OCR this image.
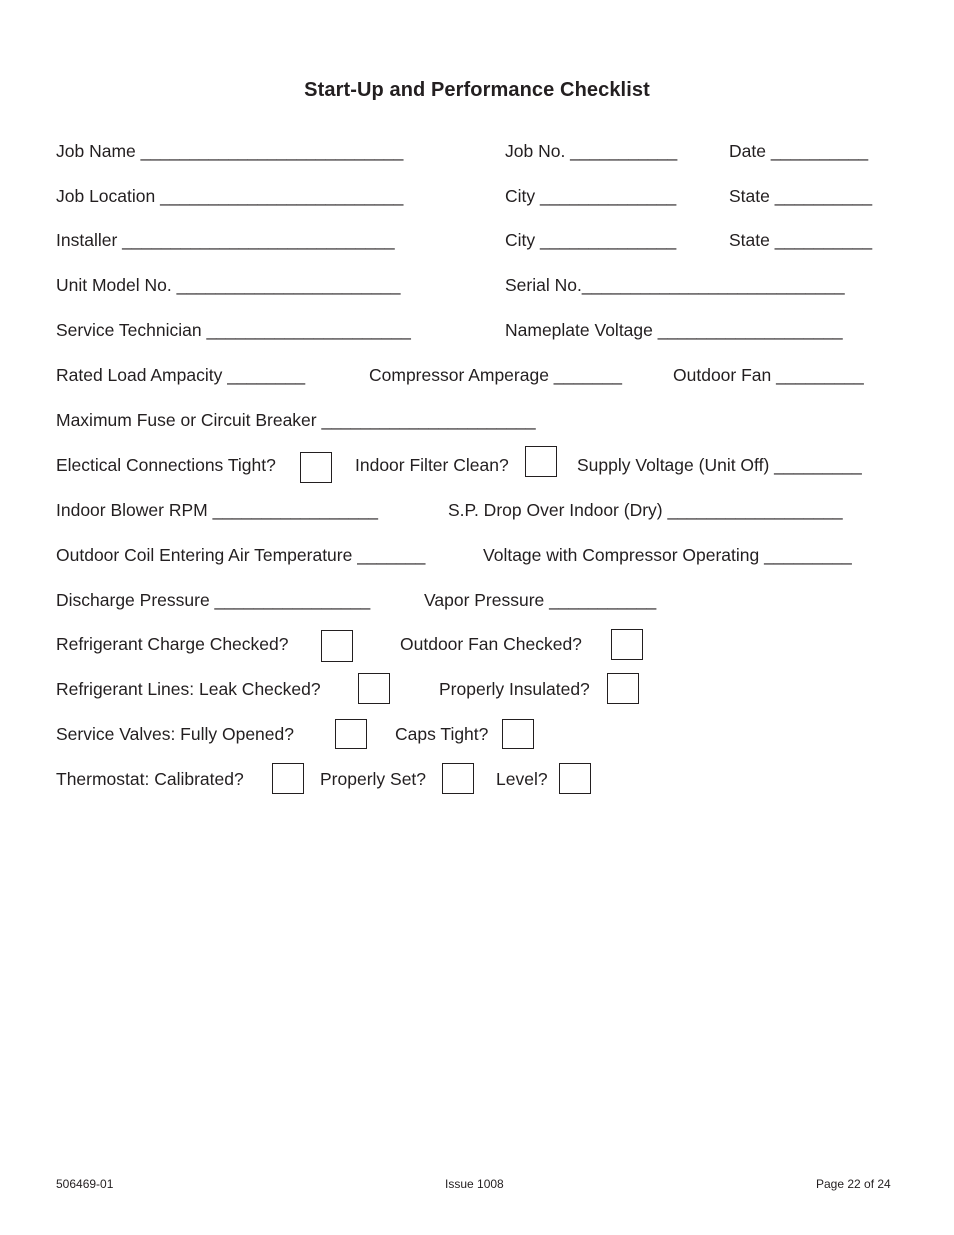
Start-Up and Performance Checklist
Job Name ___________________________	Job No. ___________	Date __________
Job Location _________________________	City ______________	State __________
Installer ____________________________	City ______________	State __________
Unit Model No. _______________________	Serial No.___________________________
Service Technician _____________________	Nameplate Voltage ___________________
Rated Load Ampacity ________	Compressor Amperage _______	Outdoor Fan _________
Maximum Fuse or Circuit Breaker ______________________
Electical Connections Tight?	Indoor Filter Clean?	Supply Voltage (Unit Off) _________
Indoor Blower RPM _________________	S.P. Drop Over Indoor (Dry) __________________
Outdoor Coil Entering Air Temperature _______	Voltage with Compressor Operating _________
Discharge Pressure ________________	Vapor Pressure ___________
Refrigerant Charge Checked?	Outdoor Fan Checked?
Refrigerant Lines: Leak Checked?	Properly Insulated?
Service Valves: Fully Opened?	Caps Tight?
Thermostat: Calibrated?	Properly Set?	Level?
506469-01	Issue 1008	Page 22 of 24
